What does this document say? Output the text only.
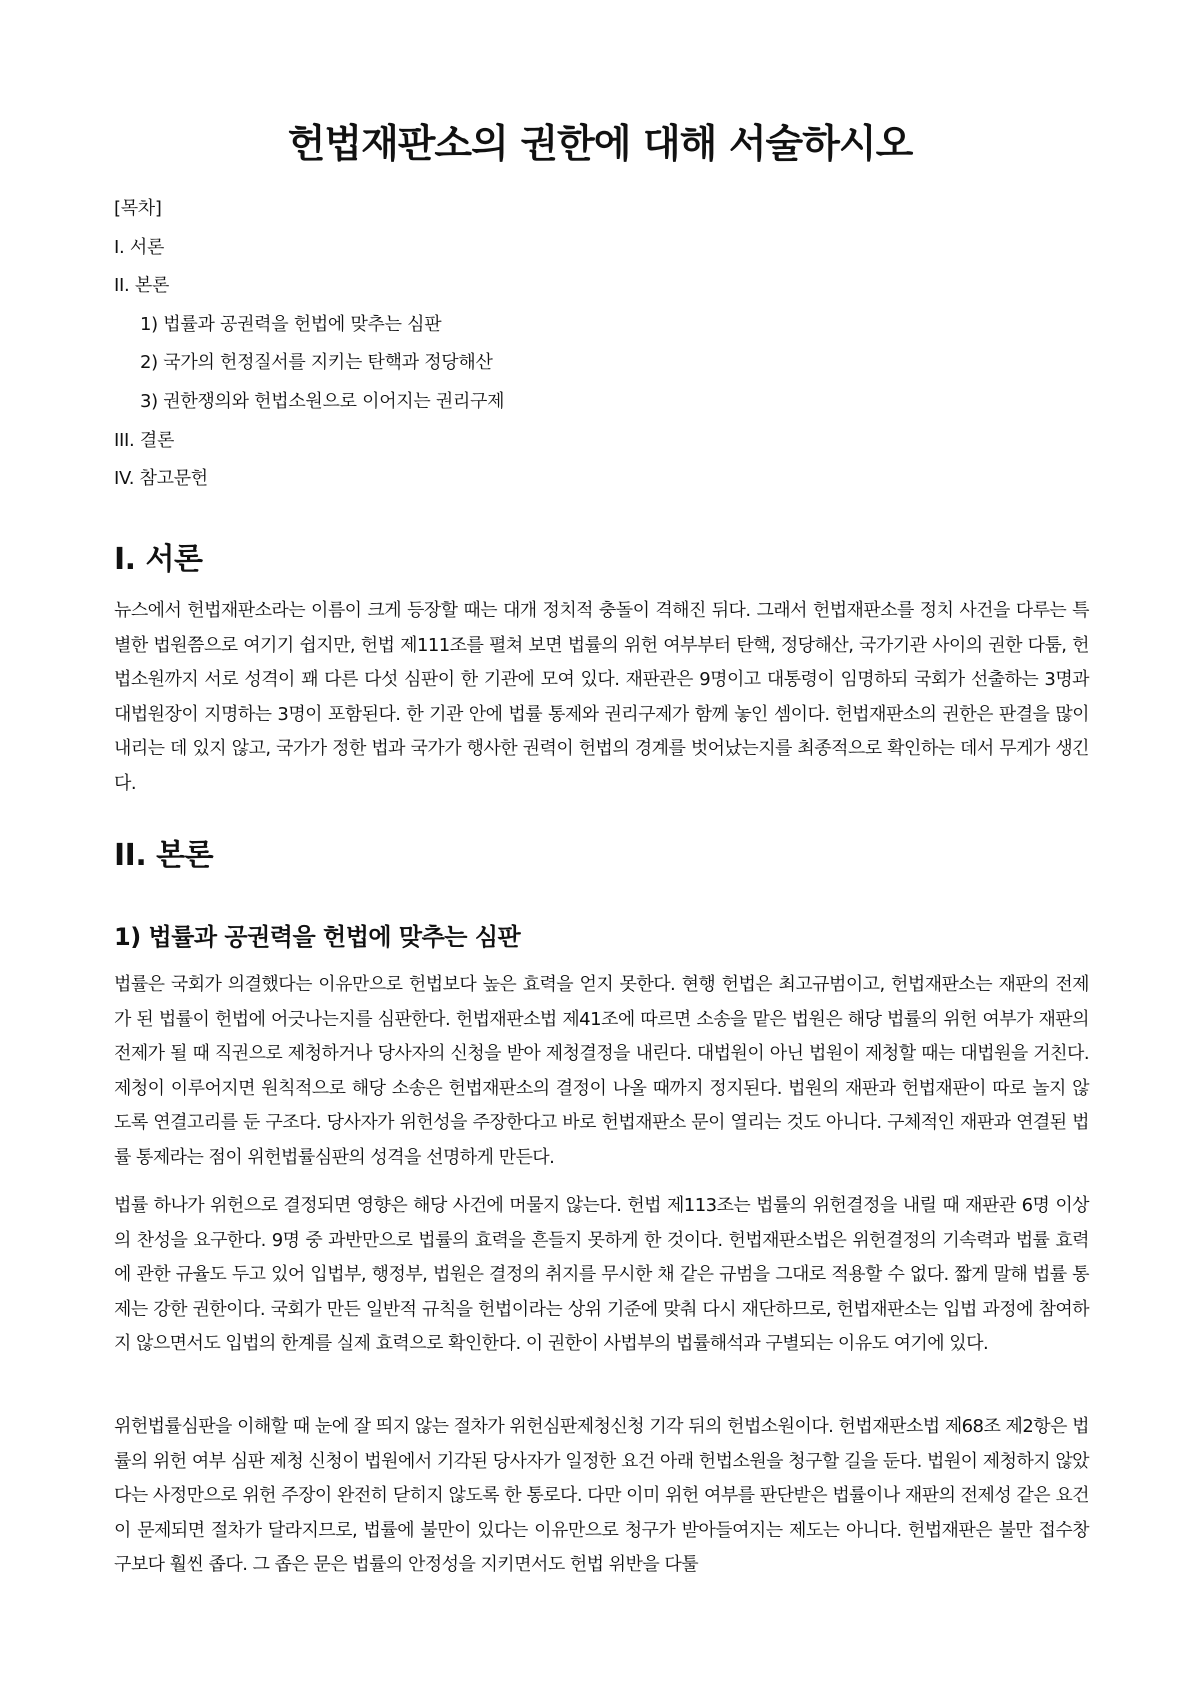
헌법재판소의 권한에 대해 서술하시오
[목차]
I. 서론
II. 본론
1) 법률과 공권력을 헌법에 맞추는 심판
2) 국가의 헌정질서를 지키는 탄핵과 정당해산
3) 권한쟁의와 헌법소원으로 이어지는 권리구제
III. 결론
IV. 참고문헌
I. 서론

뉴스에서 헌법재판소라는 이름이 크게 등장할 때는 대개 정치적 충돌이 격해진 뒤다. 그래서 헌법재판소를 정치 사건을 다루는 특별한 법원쯤으로 여기기 쉽지만, 헌법 제111조를 펼쳐 보면 법률의 위헌 여부부터 탄핵, 정당해산, 국가기관 사이의 권한 다툼, 헌법소원까지 서로 성격이 꽤 다른 다섯 심판이 한 기관에 모여 있다. 재판관은 9명이고 대통령이 임명하되 국회가 선출하는 3명과 대법원장이 지명하는 3명이 포함된다. 한 기관 안에 법률 통제와 권리구제가 함께 놓인 셈이다. 헌법재판소의 권한은 판결을 많이 내리는 데 있지 않고, 국가가 정한 법과 국가가 행사한 권력이 헌법의 경계를 벗어났는지를 최종적으로 확인하는 데서 무게가 생긴다.

II. 본론
1) 법률과 공권력을 헌법에 맞추는 심판

법률은 국회가 의결했다는 이유만으로 헌법보다 높은 효력을 얻지 못한다. 현행 헌법은 최고규범이고, 헌법재판소는 재판의 전제가 된 법률이 헌법에 어긋나는지를 심판한다. 헌법재판소법 제41조에 따르면 소송을 맡은 법원은 해당 법률의 위헌 여부가 재판의 전제가 될 때 직권으로 제청하거나 당사자의 신청을 받아 제청결정을 내린다. 대법원이 아닌 법원이 제청할 때는 대법원을 거친다. 제청이 이루어지면 원칙적으로 해당 소송은 헌법재판소의 결정이 나올 때까지 정지된다. 법원의 재판과 헌법재판이 따로 놀지 않도록 연결고리를 둔 구조다. 당사자가 위헌성을 주장한다고 바로 헌법재판소 문이 열리는 것도 아니다. 구체적인 재판과 연결된 법률 통제라는 점이 위헌법률심판의 성격을 선명하게 만든다.

법률 하나가 위헌으로 결정되면 영향은 해당 사건에 머물지 않는다. 헌법 제113조는 법률의 위헌결정을 내릴 때 재판관 6명 이상의 찬성을 요구한다. 9명 중 과반만으로 법률의 효력을 흔들지 못하게 한 것이다. 헌법재판소법은 위헌결정의 기속력과 법률 효력에 관한 규율도 두고 있어 입법부, 행정부, 법원은 결정의 취지를 무시한 채 같은 규범을 그대로 적용할 수 없다. 짧게 말해 법률 통제는 강한 권한이다. 국회가 만든 일반적 규칙을 헌법이라는 상위 기준에 맞춰 다시 재단하므로, 헌법재판소는 입법 과정에 참여하지 않으면서도 입법의 한계를 실제 효력으로 확인한다. 이 권한이 사법부의 법률해석과 구별되는 이유도 여기에 있다.

위헌법률심판을 이해할 때 눈에 잘 띄지 않는 절차가 위헌심판제청신청 기각 뒤의 헌법소원이다. 헌법재판소법 제68조 제2항은 법률의 위헌 여부 심판 제청 신청이 법원에서 기각된 당사자가 일정한 요건 아래 헌법소원을 청구할 길을 둔다. 법원이 제청하지 않았다는 사정만으로 위헌 주장이 완전히 닫히지 않도록 한 통로다. 다만 이미 위헌 여부를 판단받은 법률이나 재판의 전제성 같은 요건이 문제되면 절차가 달라지므로, 법률에 불만이 있다는 이유만으로 청구가 받아들여지는 제도는 아니다. 헌법재판은 불만 접수창구보다 훨씬 좁다. 그 좁은 문은 법률의 안정성을 지키면서도 헌법 위반을 다툴
